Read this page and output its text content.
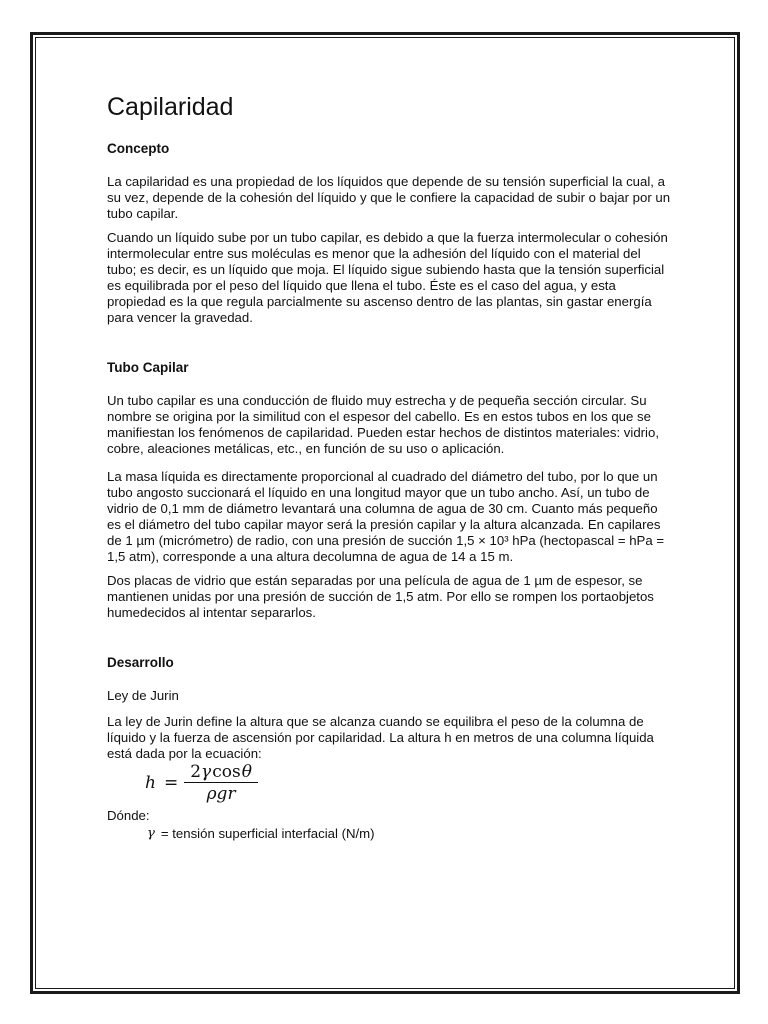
Capilaridad
Concepto

La capilaridad es una propiedad de los líquidos que depende de su tensión superficial la cual, a su vez, depende de la cohesión del líquido y que le confiere la capacidad de subir o bajar por un tubo capilar.

Cuando un líquido sube por un tubo capilar, es debido a que la fuerza intermolecular o cohesión intermolecular entre sus moléculas es menor que la adhesión del líquido con el material del tubo; es decir, es un líquido que moja. El líquido sigue subiendo hasta que la tensión superficial es equilibrada por el peso del líquido que llena el tubo. Éste es el caso del agua, y esta propiedad es la que regula parcialmente su ascenso dentro de las plantas, sin gastar energía para vencer la gravedad.

Tubo Capilar

Un tubo capilar es una conducción de fluido muy estrecha y de pequeña sección circular. Su nombre se origina por la similitud con el espesor del cabello. Es en estos tubos en los que se manifiestan los fenómenos de capilaridad. Pueden estar hechos de distintos materiales: vidrio, cobre, aleaciones metálicas, etc., en función de su uso o aplicación.

La masa líquida es directamente proporcional al cuadrado del diámetro del tubo, por lo que un tubo angosto succionará el líquido en una longitud mayor que un tubo ancho. Así, un tubo de vidrio de 0,1 mm de diámetro levantará una columna de agua de 30 cm. Cuanto más pequeño es el diámetro del tubo capilar mayor será la presión capilar y la altura alcanzada. En capilares de 1 µm (micrómetro) de radio, con una presión de succión 1,5 × 10³ hPa (hectopascal = hPa = 1,5 atm), corresponde a una altura decolumna de agua de 14 a 15 m.

Dos placas de vidrio que están separadas por una película de agua de 1 µm de espesor, se mantienen unidas por una presión de succión de 1,5 atm. Por ello se rompen los portaobjetos humedecidos al intentar separarlos.

Desarrollo

Ley de Jurin

La ley de Jurin define la altura que se alcanza cuando se equilibra el peso de la columna de líquido y la fuerza de ascensión por capilaridad. La altura h en metros de una columna líquida está dada por la ecuación:

$h = \frac{2\gamma\cos\theta}{\text{ρgr}}$

Dónde:

γ = tensión superficial interfacial (N/m)
